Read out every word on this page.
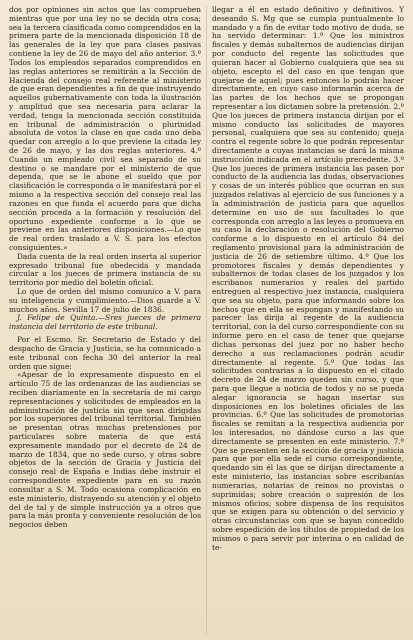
dos por opiniones sin actos que las comprueben mientras que por una ley no se decida otra cosa; sea la tercera clasificada como comprendidos en la primera parte de la mencionada disposición 18 de las generales de la ley que para clases pasivas contiene la ley de 26 de mayo del año anterior. 3.º Todos los empleados separados comprendidos en las reglas anteriores se remitirán a la Sección de Hacienda del consejo real referente al ministerio de que eran dependientes a fin de que instruyendo aquellos gubernativamente con toda la ilustración y amplitud que sea necesaria para aclarar la verdad, tenga la mencionada sección constituida en tribunal de administración o plurinidad absoluta de votos la clase en que cada uno deba quedar con arreglo a lo que previene la citada ley de 26 de mayo, y las dos reglas anteriores. 4.º Cuando un empleado civil sea separado de su destino o se mandare por el ministerio de que dependa, que se le abone el sueldo que por clasificación le corresponda o le manifestará por el mismo a la respectiva sección del consejo real las razones en que funda el acuerdo para que dicha sección proceda a la formación y resolución del oportuno expediente conforme a lo que se previene en las anteriores disposiciones.—Lo que de real orden traslado a V. S. para los efectos consiguientes.»

Dada cuenta de la real orden inserta al superior expresado tribunal fue obedecida y mandada circular a los jueces de primera instancia de su territorio por medio del boletín oficial.

Lo que de orden del mismo comunico a V. para su inteligencia y cumplimiento.—Dios guarde a V. muchos años. Sevilla 17 de julio de 1836.

J. Felipe de Quinta.—Sres jueces de primera instancia del territorio de este tribunal.

Por el Escmo. Sr. Secretario de Estado y del despacho de Gracia y Justicia, se ha comunicado a este tribunal con fecha 30 del anterior la real orden que sigue:

«Apesar de lo expresamente dispuesto en el artículo 75 de las ordenanzas de las audiencias se reciben diariamente en la secretaría de mi cargo representaciones y solicitudes de empleados en la administración de justicia sin que sean dirigidas por los superiores del tribunal territorial. También se presentan otras muchas pretensiones por particulares sobre materia de que está expresamente mandado por el decreto de 24 de marzo de 1834, que no sede curso, y otras sobre objetos de la sección de Gracia y Justicia del consejo real de España e Indias debe instruir el correspondiente expediente para en su razón consultar a S. M. Todo ocasiona complicación en este ministerio, distrayendo su atención y el objeto del de tal y de simple instrucción ya a otros que para la más pronta y conveniente resolución de los negocios deben

llegar a él en estado definitivo y definitivos. Y deseando S. Mg que se cumpla puntualmente lo mandado y a fin de evitar todo motivo de duda, se ha servido determinar: 1.º Que los ministros fiscales y demás subalternos de audiencias dirijan por conducto del regente las solicitudes que quieran hacer al Gobierno cualquiera que sea su objeto, escepto el del caso en que tengan que quejarse de aquel; pues entonces lo podrán hacer directamente, en cuyo caso informarán acerca de las partes de los hechos que se propongan representar a los dictamen sobre la pretensión. 2.º Que los jueces de primera instancia dirijan por el mismo conducto las solicitudes de mayores personal, cualquiera que sea su contenido; queja contra el regente sobre lo que podrán representar directamente a cuyas instancias se dará la misma instrucción indicada en el artículo precedente. 3.º Que los jueces de primera instancia las pasen por conducto de la audiencia las dudas, observaciones y cosas de un interés público que ocurran en sus juzgados relativas al ejercicio de sus funciones y a la administración de justicia para que aquellos determine en uso de sus facultades lo que corresponda con arreglo a las leyes o promueva en su caso la declaración o resolución del Gobierno conforme a lo dispuesto en el artículo 84 del reglamento provisional para la administración de justicia de 26 de setiembre último. 4.º Que los promotores fiscales y demás dependientes y subalternos de todas clases de los juzgados y los escribanos numerarios y reales del partido entreguen al respectivo juez instancia, cualquiera que sea su objeto, para que informando sobre los hechos que en ella se espongan y manifestando su parecer las dirija al regente de la audiencia territorial, con la del curso correspondiente con su informe pero en el caso de tener que quejarse dichas personas del juez por no haber hecho derecho a sus reclamaciones podrán acudir directamente al regente. 5.º Que todas las solicitudes contrarias a lo dispuesto en el citado decreto de 24 de marzo queden sin curso, y que para que llegue a noticia de todos y no se pueda alegar ignorancia se hagan insertar sus disposiciones en los boletines oficiales de las provincias. 6.º Que las solicitudes de promotorías fiscales se remitan a la respectiva audiencia por los interesados, no dándose curso a las que directamente se presenten en este ministerio. 7.º Que se presenten en la sección de gracia y justicia para que por ella sede el curso correspondiente, quedando sin él las que se dirijan directamente a este ministerio, las instancias sobre escribanías numerarias, notarías de reinos no provistas o suprimidas; sobre creación o supresión de los mismos oficios; sobre dispensa de los requisitos que se exigen para su obtención o del servicio y otras circunstancias con que se hayan concedido sobre espedición de los títulos de propiedad de los mismos o para servir por interina o en calidad de te-
